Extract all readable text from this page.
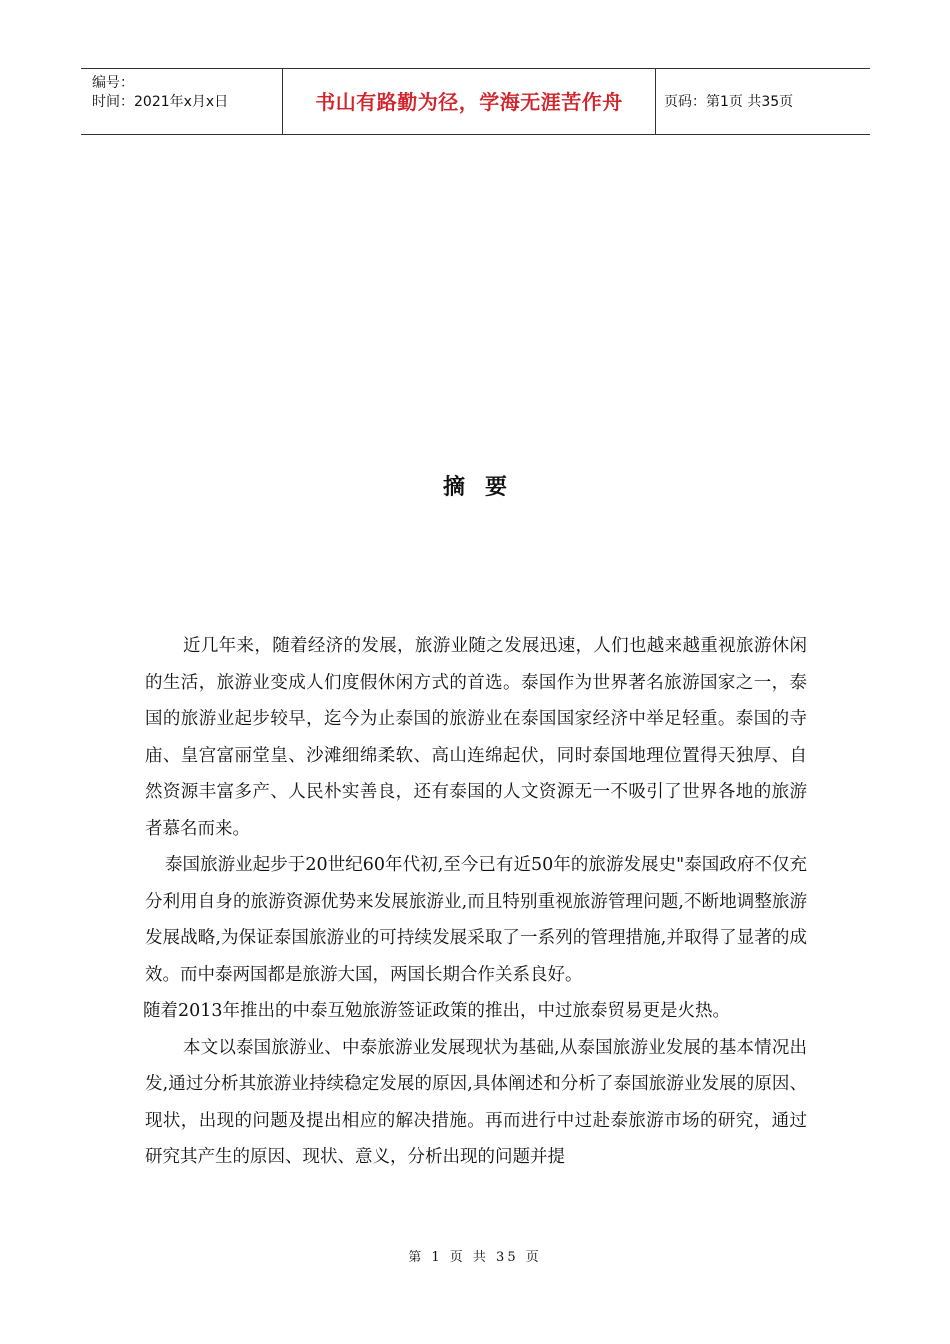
编号：
时间：2021年x月x日	书山有路勤为径，学海无涯苦作舟	页码：第1页 共35页
摘要

近几年来，随着经济的发展，旅游业随之发展迅速，人们也越来越重视旅游休闲的生活，旅游业变成人们度假休闲方式的首选。泰国作为世界著名旅游国家之一，泰国的旅游业起步较早，迄今为止泰国的旅游业在泰国国家经济中举足轻重。泰国的寺庙、皇宫富丽堂皇、沙滩细绵柔软、高山连绵起伏，同时泰国地理位置得天独厚、自然资源丰富多产、人民朴实善良，还有泰国的人文资源无一不吸引了世界各地的旅游者慕名而来。

泰国旅游业起步于20世纪60年代初,至今已有近50年的旅游发展史"泰国政府不仅充分利用自身的旅游资源优势来发展旅游业,而且特别重视旅游管理问题,不断地调整旅游发展战略,为保证泰国旅游业的可持续发展采取了一系列的管理措施,并取得了显著的成效。而中泰两国都是旅游大国，两国长期合作关系良好。

随着2013年推出的中泰互勉旅游签证政策的推出，中过旅泰贸易更是火热。

本文以泰国旅游业、中泰旅游业发展现状为基础,从泰国旅游业发展的基本情况出发,通过分析其旅游业持续稳定发展的原因,具体阐述和分析了泰国旅游业发展的原因、现状，出现的问题及提出相应的解决措施。再而进行中过赴泰旅游市场的研究，通过研究其产生的原因、现状、意义，分析出现的问题并提

第 1 页 共 35 页
